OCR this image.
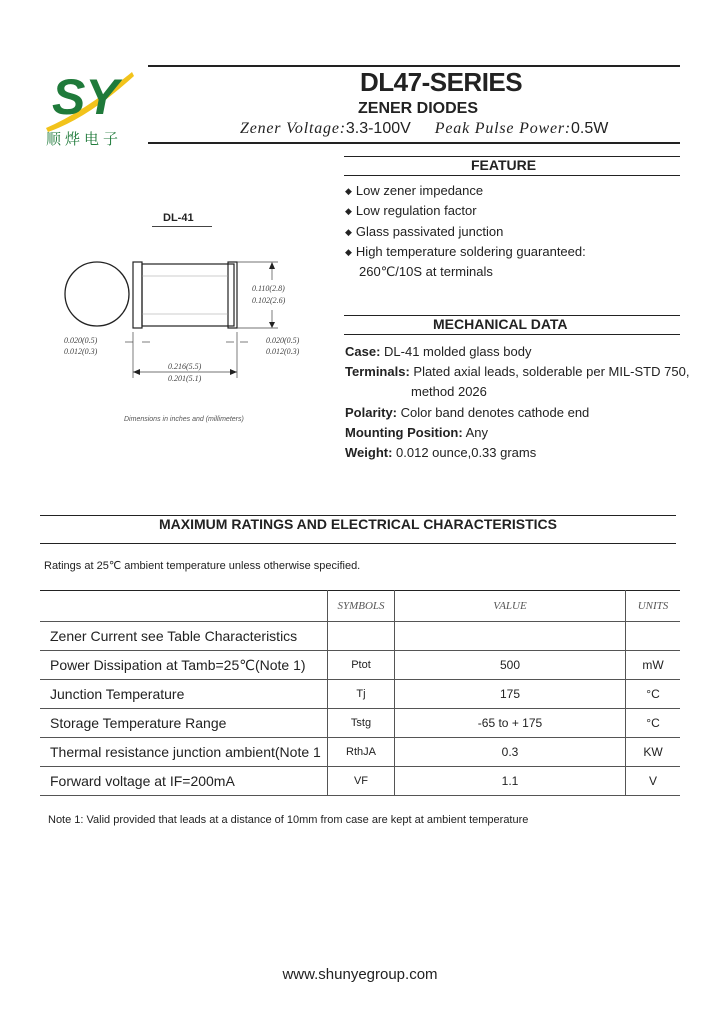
SY
顺烨电子
DL47-SERIES
ZENER DIODES
Zener Voltage:3.3-100V Peak Pulse Power:0.5W
DL-41
0.110(2.8)
0.102(2.6)
0.020(0.5)
0.012(0.3)
0.020(0.5)
0.012(0.3)
0.216(5.5)
0.201(5.1)
Dimensions in inches and (millimeters)
FEATURE
◆ Low zener impedance
◆ Low regulation factor
◆ Glass passivated junction
◆ High temperature soldering guaranteed:
260℃/10S at terminals
MECHANICAL DATA
Case: DL-41 molded glass body
Terminals: Plated axial leads, solderable per MIL-STD 750,
method 2026
Polarity: Color band denotes cathode end
Mounting Position: Any
Weight: 0.012 ounce,0.33 grams
MAXIMUM RATINGS AND ELECTRICAL CHARACTERISTICS
Ratings at 25℃ ambient temperature unless otherwise specified.
	SYMBOLS	VALUE	UNITS
Zener Current see Table Characteristics			
Power Dissipation at Tamb=25℃(Note 1)	Ptot	500	mW
Junction Temperature	Tj	175	°C
Storage Temperature Range	Tstg	-65 to + 175	°C
Thermal resistance junction ambient(Note 1	RthJA	0.3	KW
Forward voltage at IF=200mA	VF	1.1	V
Note 1: Valid provided that leads at a distance of 10mm from case are kept at ambient temperature
www.shunyegroup.com
